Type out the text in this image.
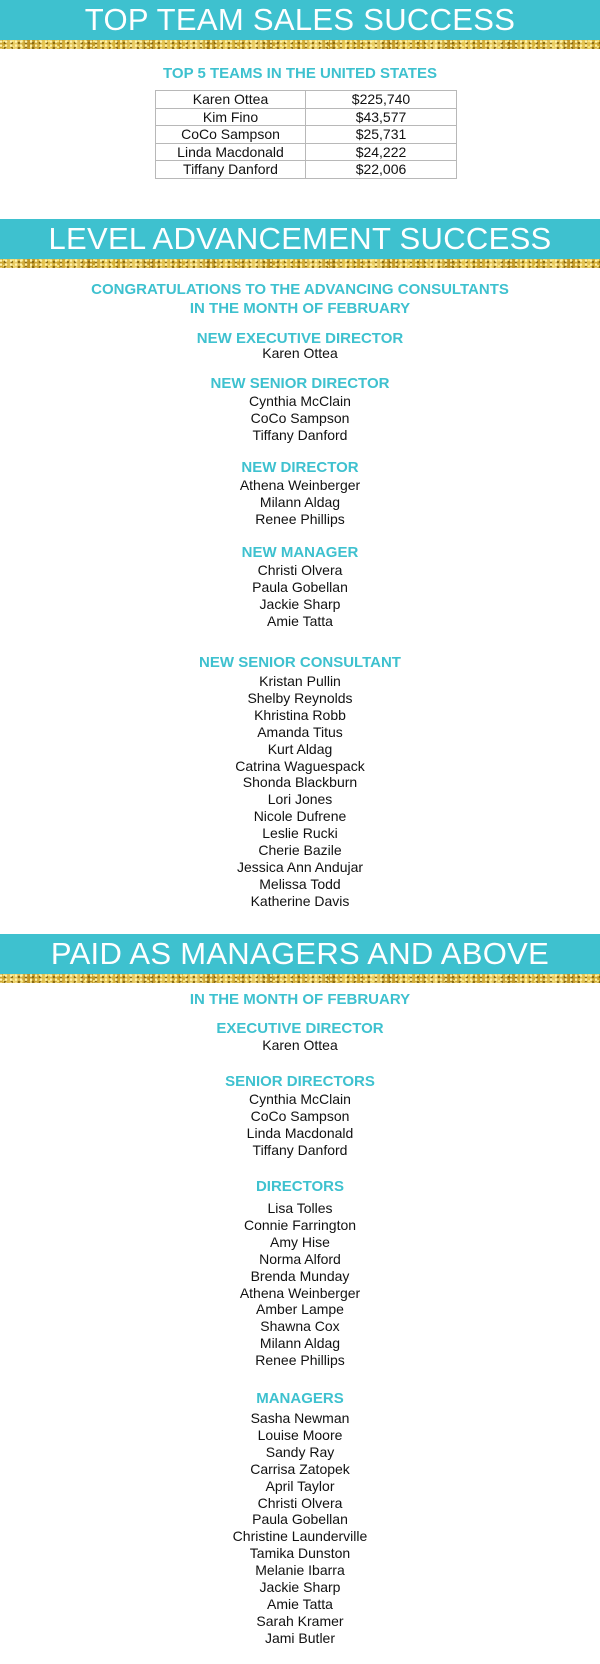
TOP TEAM SALES SUCCESS
TOP 5 TEAMS IN THE UNITED STATES
Karen Ottea	$225,740
Kim Fino	$43,577
CoCo Sampson	$25,731
Linda Macdonald	$24,222
Tiffany Danford	$22,006
LEVEL ADVANCEMENT SUCCESS
CONGRATULATIONS TO THE ADVANCING CONSULTANTS
IN THE MONTH OF FEBRUARY
NEW EXECUTIVE DIRECTOR
Karen Ottea
NEW SENIOR DIRECTOR
Cynthia McClain
CoCo Sampson
Tiffany Danford
NEW DIRECTOR
Athena Weinberger
Milann Aldag
Renee Phillips
NEW MANAGER
Christi Olvera
Paula Gobellan
Jackie Sharp
Amie Tatta
NEW SENIOR CONSULTANT
Kristan Pullin
Shelby Reynolds
Khristina Robb
Amanda Titus
Kurt Aldag
Catrina Waguespack
Shonda Blackburn
Lori Jones
Nicole Dufrene
Leslie Rucki
Cherie Bazile
Jessica Ann Andujar
Melissa Todd
Katherine Davis
PAID AS MANAGERS AND ABOVE
IN THE MONTH OF FEBRUARY
EXECUTIVE DIRECTOR
Karen Ottea
SENIOR DIRECTORS
Cynthia McClain
CoCo Sampson
Linda Macdonald
Tiffany Danford
DIRECTORS
Lisa Tolles
Connie Farrington
Amy Hise
Norma Alford
Brenda Munday
Athena Weinberger
Amber Lampe
Shawna Cox
Milann Aldag
Renee Phillips
MANAGERS
Sasha Newman
Louise Moore
Sandy Ray
Carrisa Zatopek
April Taylor
Christi Olvera
Paula Gobellan
Christine Launderville
Tamika Dunston
Melanie Ibarra
Jackie Sharp
Amie Tatta
Sarah Kramer
Jami Butler
